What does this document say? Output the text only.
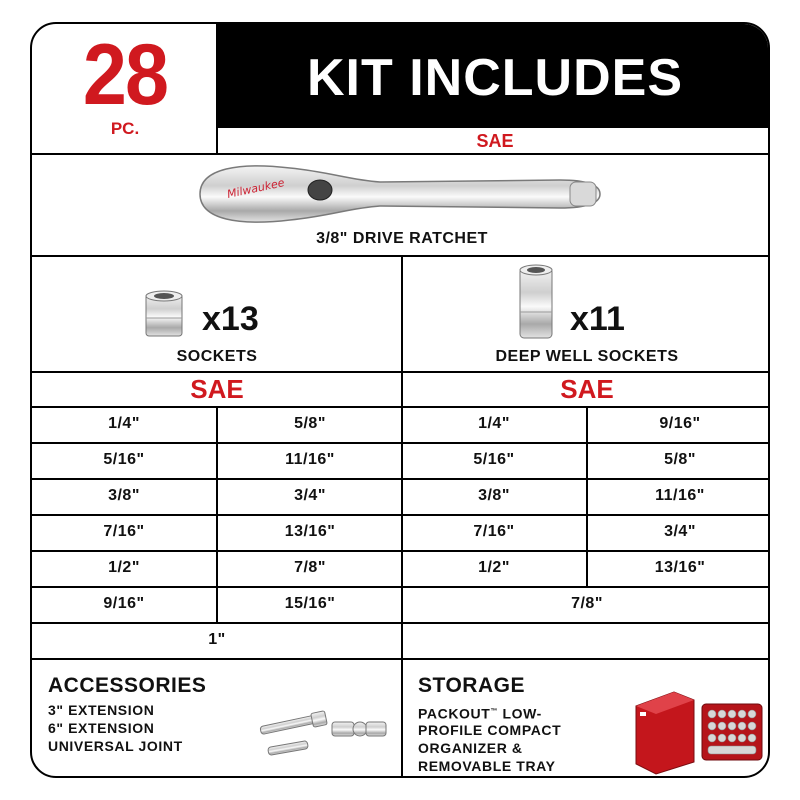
28
PC.
KIT INCLUDES
SAE
Milwaukee
3/8" DRIVE RATCHET
x13
SOCKETS
x11
DEEP WELL SOCKETS
SAE	SAE
1/4"
5/16"
3/8"
7/16"
1/2"
9/16"
5/8"
11/16"
3/4"
13/16"
7/8"
15/16"
1"
1/4"
5/16"
3/8"
7/16"
1/2"
9/16"
5/8"
11/16"
3/4"
13/16"
7/8"
ACCESSORIES
3" EXTENSION
6" EXTENSION
UNIVERSAL JOINT
STORAGE
PACKOUT™ LOW-
PROFILE COMPACT
ORGANIZER &
REMOVABLE TRAY
